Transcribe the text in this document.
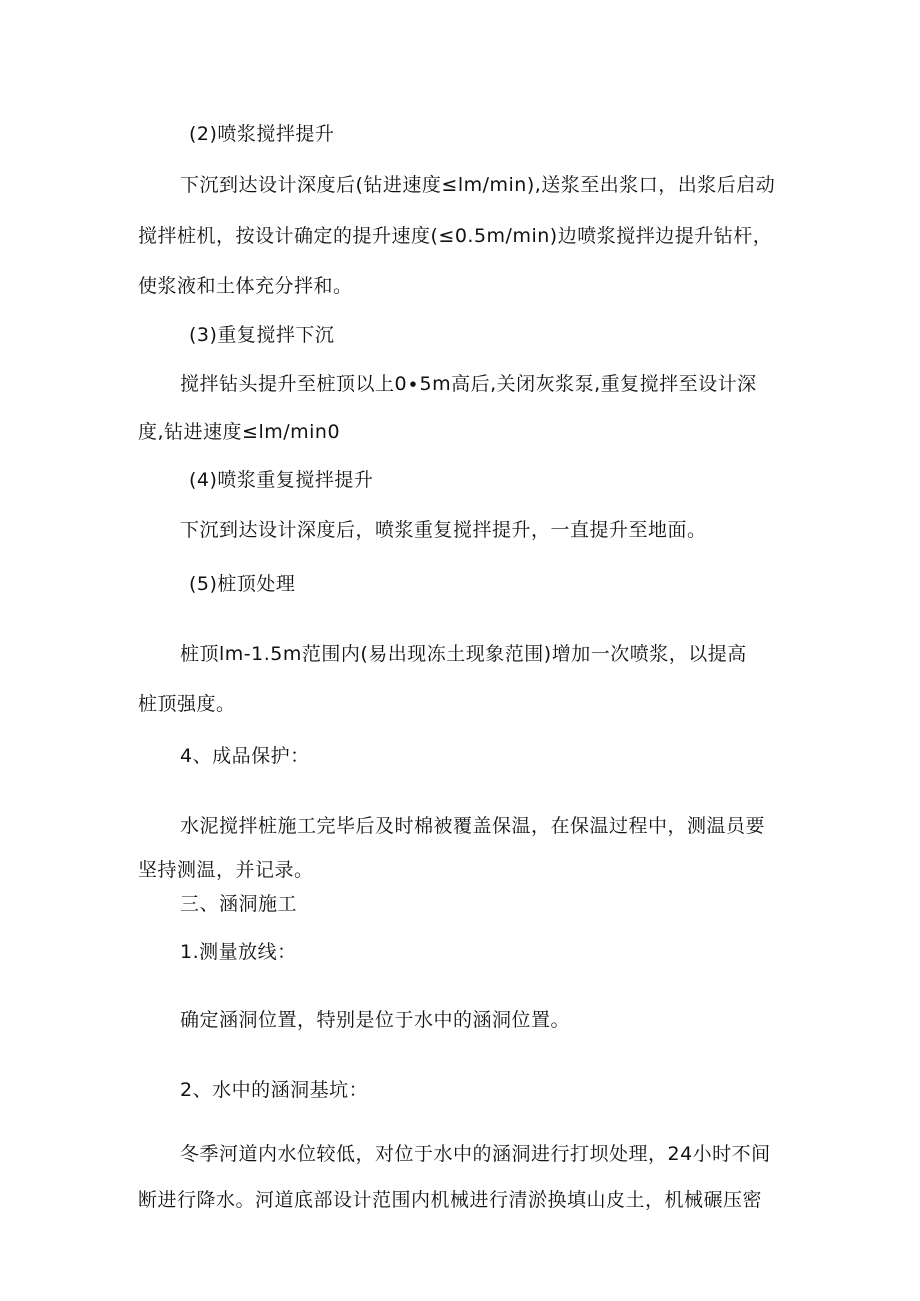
(2)喷浆搅拌提升
下沉到达设计深度后(钻进速度≤lm∕min),送浆至出浆口，出浆后启动
搅拌桩机，按设计确定的提升速度(≤0.5m∕min)边喷浆搅拌边提升钻杆，
使浆液和土体充分拌和。
(3)重复搅拌下沉
搅拌钻头提升至桩顶以上0∙5m高后,关闭灰浆泵,重复搅拌至设计深
度,钻进速度≤lm∕min0
(4)喷浆重复搅拌提升
下沉到达设计深度后，喷浆重复搅拌提升，一直提升至地面。
(5)桩顶处理
桩顶lm-1.5m范围内(易出现冻土现象范围)增加一次喷浆，以提高
桩顶强度。
4、成品保护：
水泥搅拌桩施工完毕后及时棉被覆盖保温，在保温过程中，测温员要
坚持测温，并记录。
三、涵洞施工
1.测量放线：
确定涵洞位置，特别是位于水中的涵洞位置。
2、水中的涵洞基坑：
冬季河道内水位较低，对位于水中的涵洞进行打坝处理，24小时不间
断进行降水。河道底部设计范围内机械进行清淤换填山皮土，机械碾压密
